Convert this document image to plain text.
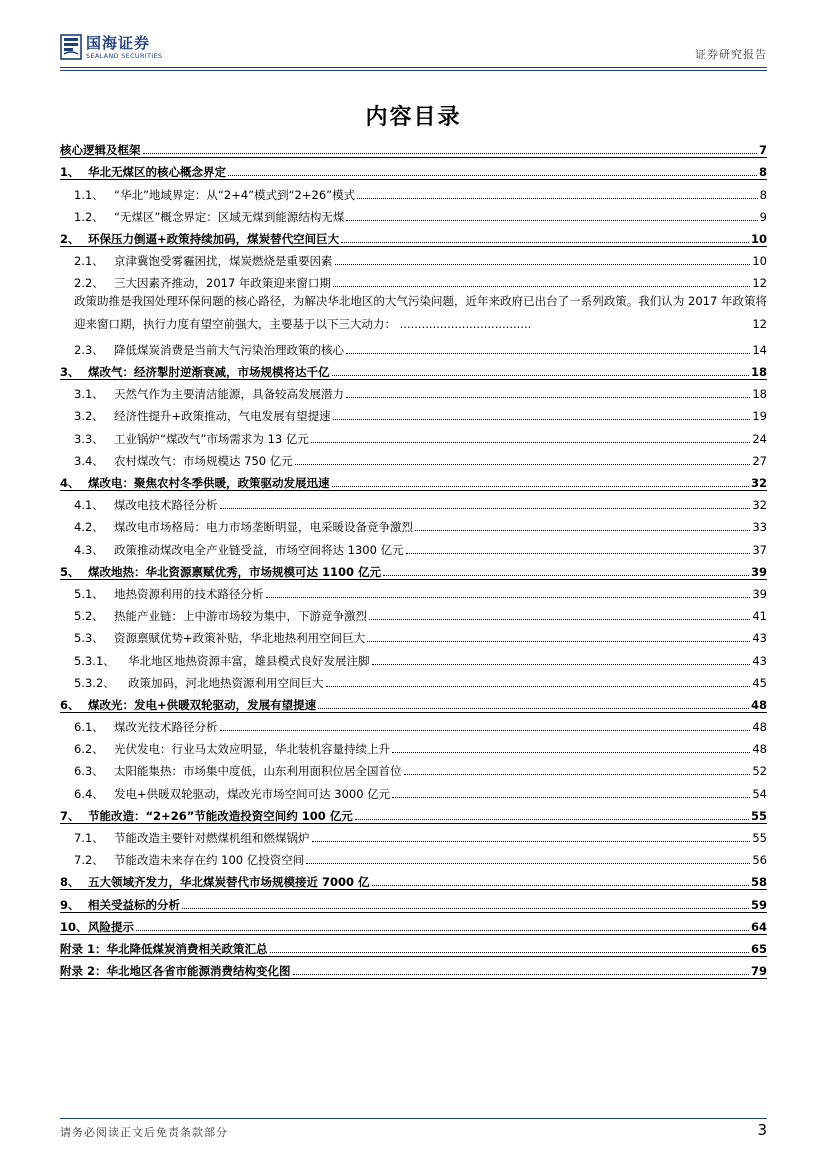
国海证券
SEALAND SECURITIES	证券研究报告
内容目录
核心逻辑及框架	7
1、 华北无煤区的核心概念界定	8
1.1、 “华北”地域界定：从“2+4”模式到“2+26”模式	8
1.2、 “无煤区”概念界定：区域无煤到能源结构无煤	9
2、 环保压力倒逼+政策持续加码，煤炭替代空间巨大	10
2.1、 京津冀饱受雾霾困扰，煤炭燃烧是重要因素	10
2.2、 三大因素齐推动，2017 年政策迎来窗口期	12
政策助推是我国处理环保问题的核心路径，为解决华北地区的大气污染问题，近年来政府已出台了一系列政策。我们认为 2017 年政策将迎来窗口期，执行力度有望空前强大，主要基于以下三大动力： ....................................	12
2.3、 降低煤炭消费是当前大气污染治理政策的核心	14
3、 煤改气：经济掣肘逆渐衰减，市场规模将达千亿	18
3.1、 天然气作为主要清洁能源，具备较高发展潜力	18
3.2、 经济性提升+政策推动，气电发展有望提速	19
3.3、 工业锅炉“煤改气”市场需求为 13 亿元	24
3.4、 农村煤改气：市场规模达 750 亿元	27
4、 煤改电：聚焦农村冬季供暖，政策驱动发展迅速	32
4.1、 煤改电技术路径分析	32
4.2、 煤改电市场格局：电力市场垄断明显，电采暖设备竞争激烈	33
4.3、 政策推动煤改电全产业链受益，市场空间将达 1300 亿元	37
5、 煤改地热：华北资源禀赋优秀，市场规模可达 1100 亿元	39
5.1、 地热资源利用的技术路径分析	39
5.2、 热能产业链：上中游市场较为集中，下游竞争激烈	41
5.3、 资源禀赋优势+政策补贴，华北地热利用空间巨大	43
5.3.1、	华北地区地热资源丰富，雄县模式良好发展注脚	43
5.3.2、	政策加码，河北地热资源利用空间巨大	45
6、 煤改光：发电+供暖双轮驱动，发展有望提速	48
6.1、 煤改光技术路径分析	48
6.2、 光伏发电：行业马太效应明显，华北装机容量持续上升	48
6.3、 太阳能集热：市场集中度低，山东利用面积位居全国首位	52
6.4、 发电+供暖双轮驱动，煤改光市场空间可达 3000 亿元	54
7、 节能改造：“2+26”节能改造投资空间约 100 亿元	55
7.1、 节能改造主要针对燃煤机组和燃煤锅炉	55
7.2、 节能改造未来存在约 100 亿投资空间	56
8、 五大领域齐发力，华北煤炭替代市场规模接近 7000 亿	58
9、 相关受益标的分析	59
10、 风险提示	64
附录 1：华北降低煤炭消费相关政策汇总	65
附录 2：华北地区各省市能源消费结构变化图	79
请务必阅读正文后免责条款部分	3
